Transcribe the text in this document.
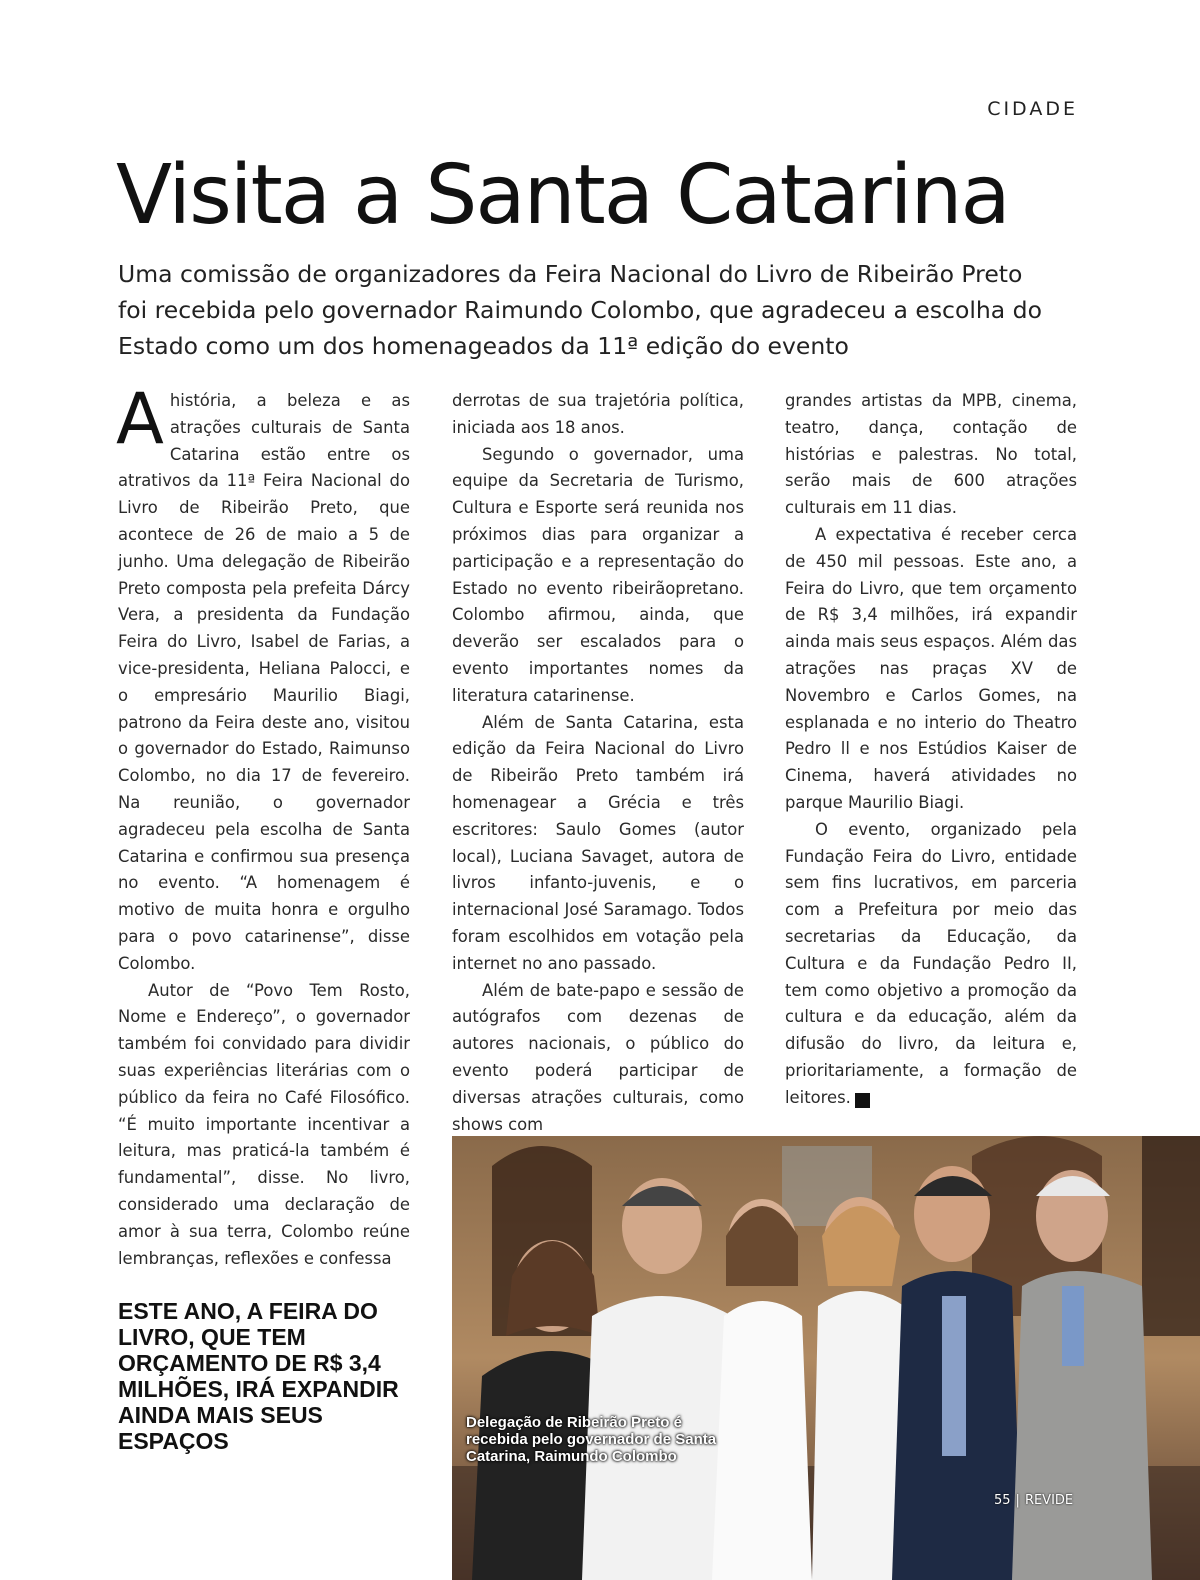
CIDADE
Visita a Santa Catarina

Uma comissão de organizadores da Feira Nacional do Livro de Ribeirão Preto foi recebida pelo governador Raimundo Colombo, que agradeceu a escolha do Estado como um dos homenageados da 11ª edição do evento

Ahistória, a beleza e as atrações culturais de Santa Catarina estão entre os atrativos da 11ª Feira Nacional do Livro de Ribeirão Preto, que acontece de 26 de maio a 5 de junho. Uma delegação de Ribeirão Preto composta pela prefeita Dárcy Vera, a presidenta da Fundação Feira do Livro, Isabel de Farias, a vice-presidenta, Heliana Palocci, e o empresário Maurilio Biagi, patrono da Feira deste ano, visitou o governador do Estado, Raimunso Colombo, no dia 17 de fevereiro. Na reunião, o governador agradeceu pela escolha de Santa Catarina e confirmou sua presença no evento. “A homenagem é motivo de muita honra e orgulho para o povo catarinense”, disse Colombo.

Autor de “Povo Tem Rosto, Nome e Endereço”, o governador também foi convidado para dividir suas experiências literárias com o público da feira no Café Filosófico. “É muito importante incentivar a leitura, mas praticá-la também é fundamental”, disse. No livro, considerado uma declaração de amor à sua terra, Colombo reúne lembranças, reflexões e confessa

derrotas de sua trajetória política, iniciada aos 18 anos.

Segundo o governador, uma equipe da Secretaria de Turismo, Cultura e Esporte será reunida nos próximos dias para organizar a participação e a representação do Estado no evento ribeirãopretano. Colombo afirmou, ainda, que deverão ser escalados para o evento importantes nomes da literatura catarinense.

Além de Santa Catarina, esta edição da Feira Nacional do Livro de Ribeirão Preto também irá homenagear a Grécia e três escritores: Saulo Gomes (autor local), Luciana Savaget, autora de livros infanto-juvenis, e o internacional José Saramago. Todos foram escolhidos em votação pela internet no ano passado.

Além de bate-papo e sessão de autógrafos com dezenas de autores nacionais, o público do evento poderá participar de diversas atrações culturais, como shows com

grandes artistas da MPB, cinema, teatro, dança, contação de histórias e palestras. No total, serão mais de 600 atrações culturais em 11 dias.

A expectativa é receber cerca de 450 mil pessoas. Este ano, a Feira do Livro, que tem orçamento de R$ 3,4 milhões, irá expandir ainda mais seus espaços. Além das atrações nas praças XV de Novembro e Carlos Gomes, na esplanada e no interio do Theatro Pedro ll e nos Estúdios Kaiser de Cinema, haverá atividades no parque Maurilio Biagi.

O evento, organizado pela Fundação Feira do Livro, entidade sem fins lucrativos, em parceria com a Prefeitura por meio das secretarias da Educação, da Cultura e da Fundação Pedro II, tem como objetivo a promoção da cultura e da educação, além da difusão do livro, da leitura e, prioritariamente, a formação de leitores.	r

ESTE ANO, A FEIRA DO LIVRO, QUE TEM ORÇAMENTO DE R$ 3,4 MILHÕES, IRÁ EXPANDIR AINDA MAIS SEUS ESPAÇOS

Delegação de Ribeirão Preto é recebida pelo governador de Santa Catarina, Raimundo Colombo

55 | REVIDE
